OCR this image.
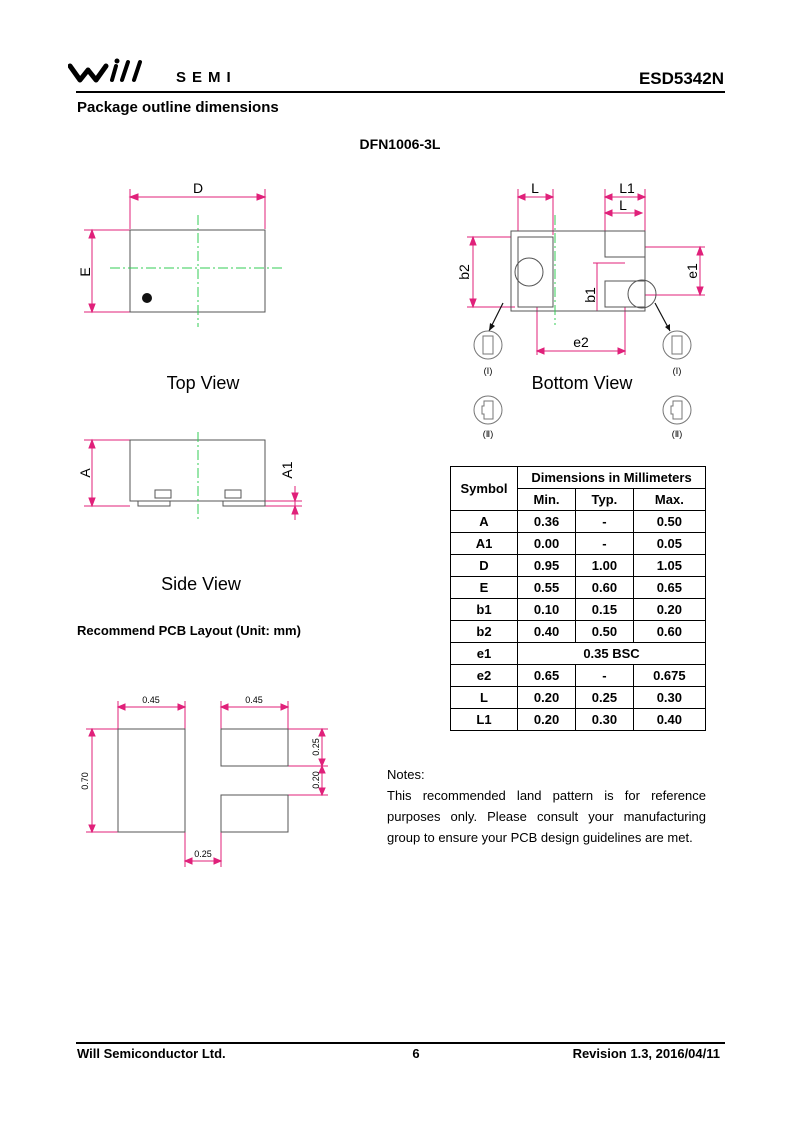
SEMI	ESD5342N
Package outline dimensions
DFN1006-3L
D
E
Top View
L	L1
L
b2
b1
e1
e2
(Ⅰ)	(Ⅰ)
(Ⅱ)	(Ⅱ)
Bottom View
A	A1
Side View
Recommend PCB Layout (Unit: mm)
0.45	0.45
0.70
0.25
0.20
0.25
Symbol	Dimensions in Millimeters		
	Min.	Typ.	Max.
A	0.36	-	0.50
A1	0.00	-	0.05
D	0.95	1.00	1.05
E	0.55	0.60	0.65
b1	0.10	0.15	0.20
b2	0.40	0.50	0.60
e1	0.35 BSC		
e2	0.65	-	0.675
L	0.20	0.25	0.30
L1	0.20	0.30	0.40
Notes:
This recommended land pattern is for reference purposes only. Please consult your manufacturing group to ensure your PCB design guidelines are met.
Will Semiconductor Ltd.	6	Revision 1.3, 2016/04/11
